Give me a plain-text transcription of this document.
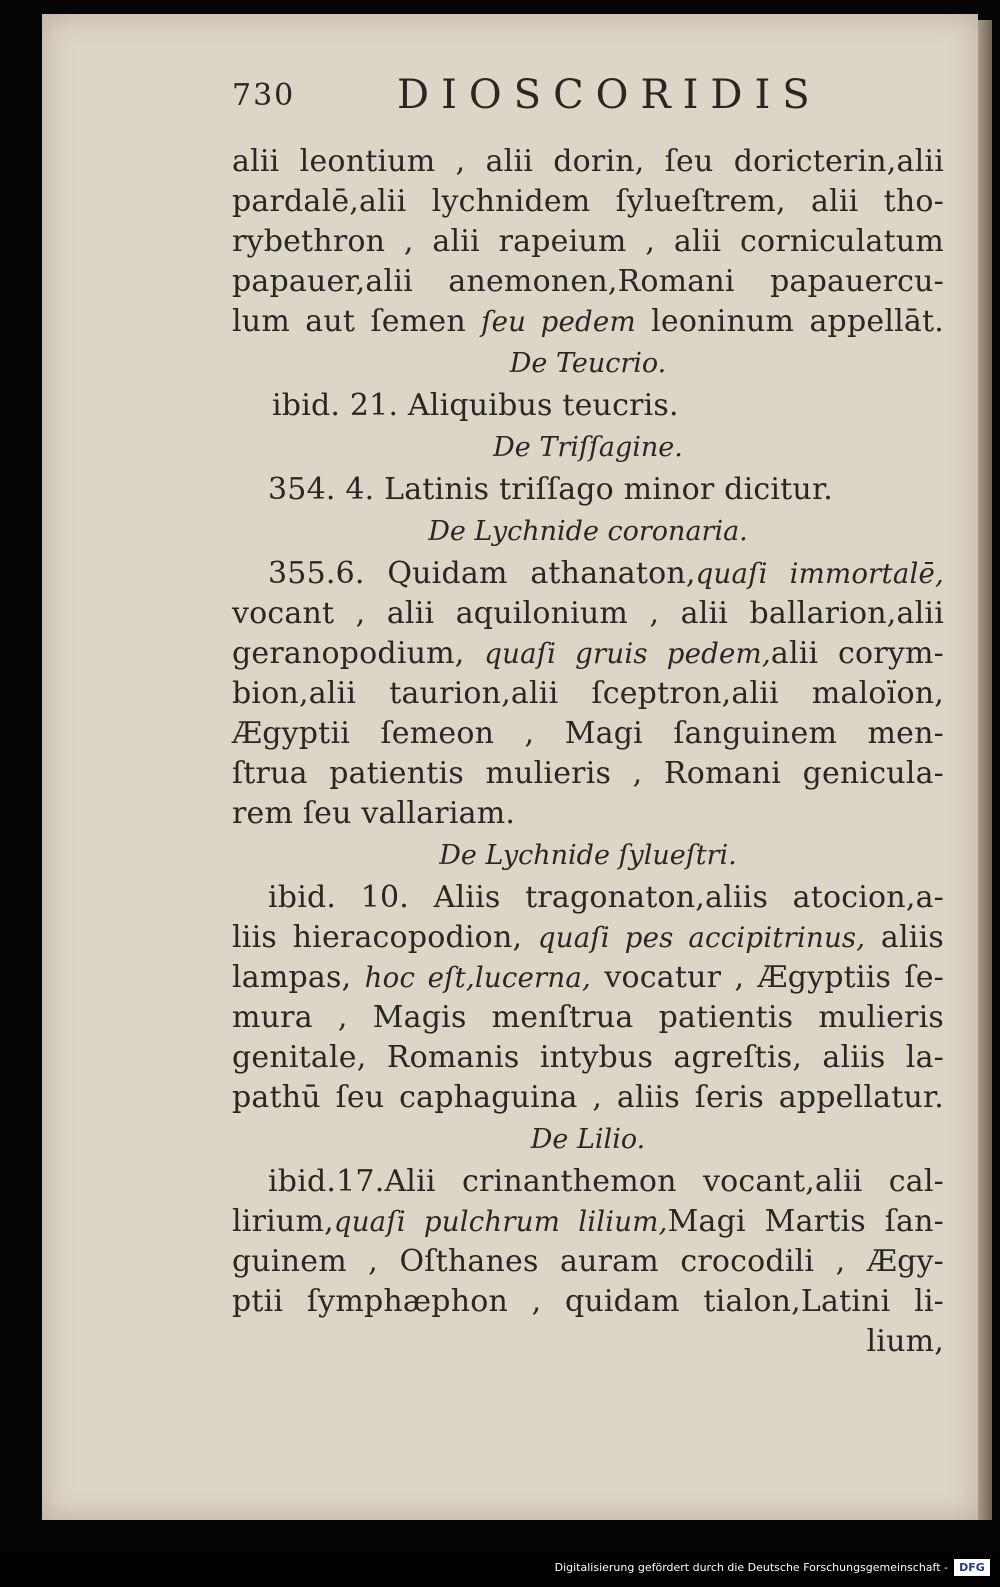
730	DIOSCORIDIS
alii leontium , alii dorin, ſeu doricterin,alii
pardalē,alii lychnidem ſylueſtrem, alii tho-
rybethron , alii rapeium , alii corniculatum
papauer,alii anemonen,Romani papauercu-
lum aut ſemen ſeu pedem leoninum appellāt.
De Teucrio.
ibid. 21. Aliquibus teucris.
De Triſſagine.
354. 4. Latinis triſſago minor dicitur.
De Lychnide coronaria.
355.6. Quidam athanaton,quaſi immortalē,
vocant , alii aquilonium , alii ballarion,alii
geranopodium, quaſi gruis pedem,alii corym-
bion,alii taurion,alii ſceptron,alii maloïon,
Ægyptii ſemeon , Magi ſanguinem men-
ſtrua patientis mulieris , Romani genicula-
rem ſeu vallariam.
De Lychnide ſylueſtri.
ibid. 10. Aliis tragonaton,aliis atocion,a-
liis hieracopodion, quaſi pes accipitrinus, aliis
lampas, hoc eſt,lucerna, vocatur , Ægyptiis ſe-
mura , Magis menſtrua patientis mulieris
genitale, Romanis intybus agreſtis, aliis la-
pathū ſeu caphaguina , aliis ſeris appellatur.
De Lilio.
ibid.17.Alii crinanthemon vocant,alii cal-
lirium,quaſi pulchrum lilium,Magi Martis ſan-
guinem , Oſthanes auram crocodili , Ægy-
ptii ſymphæphon , quidam tialon,Latini li-
lium,
Digitalisierung gefördert durch die Deutsche Forschungsgemeinschaft -	DFG
